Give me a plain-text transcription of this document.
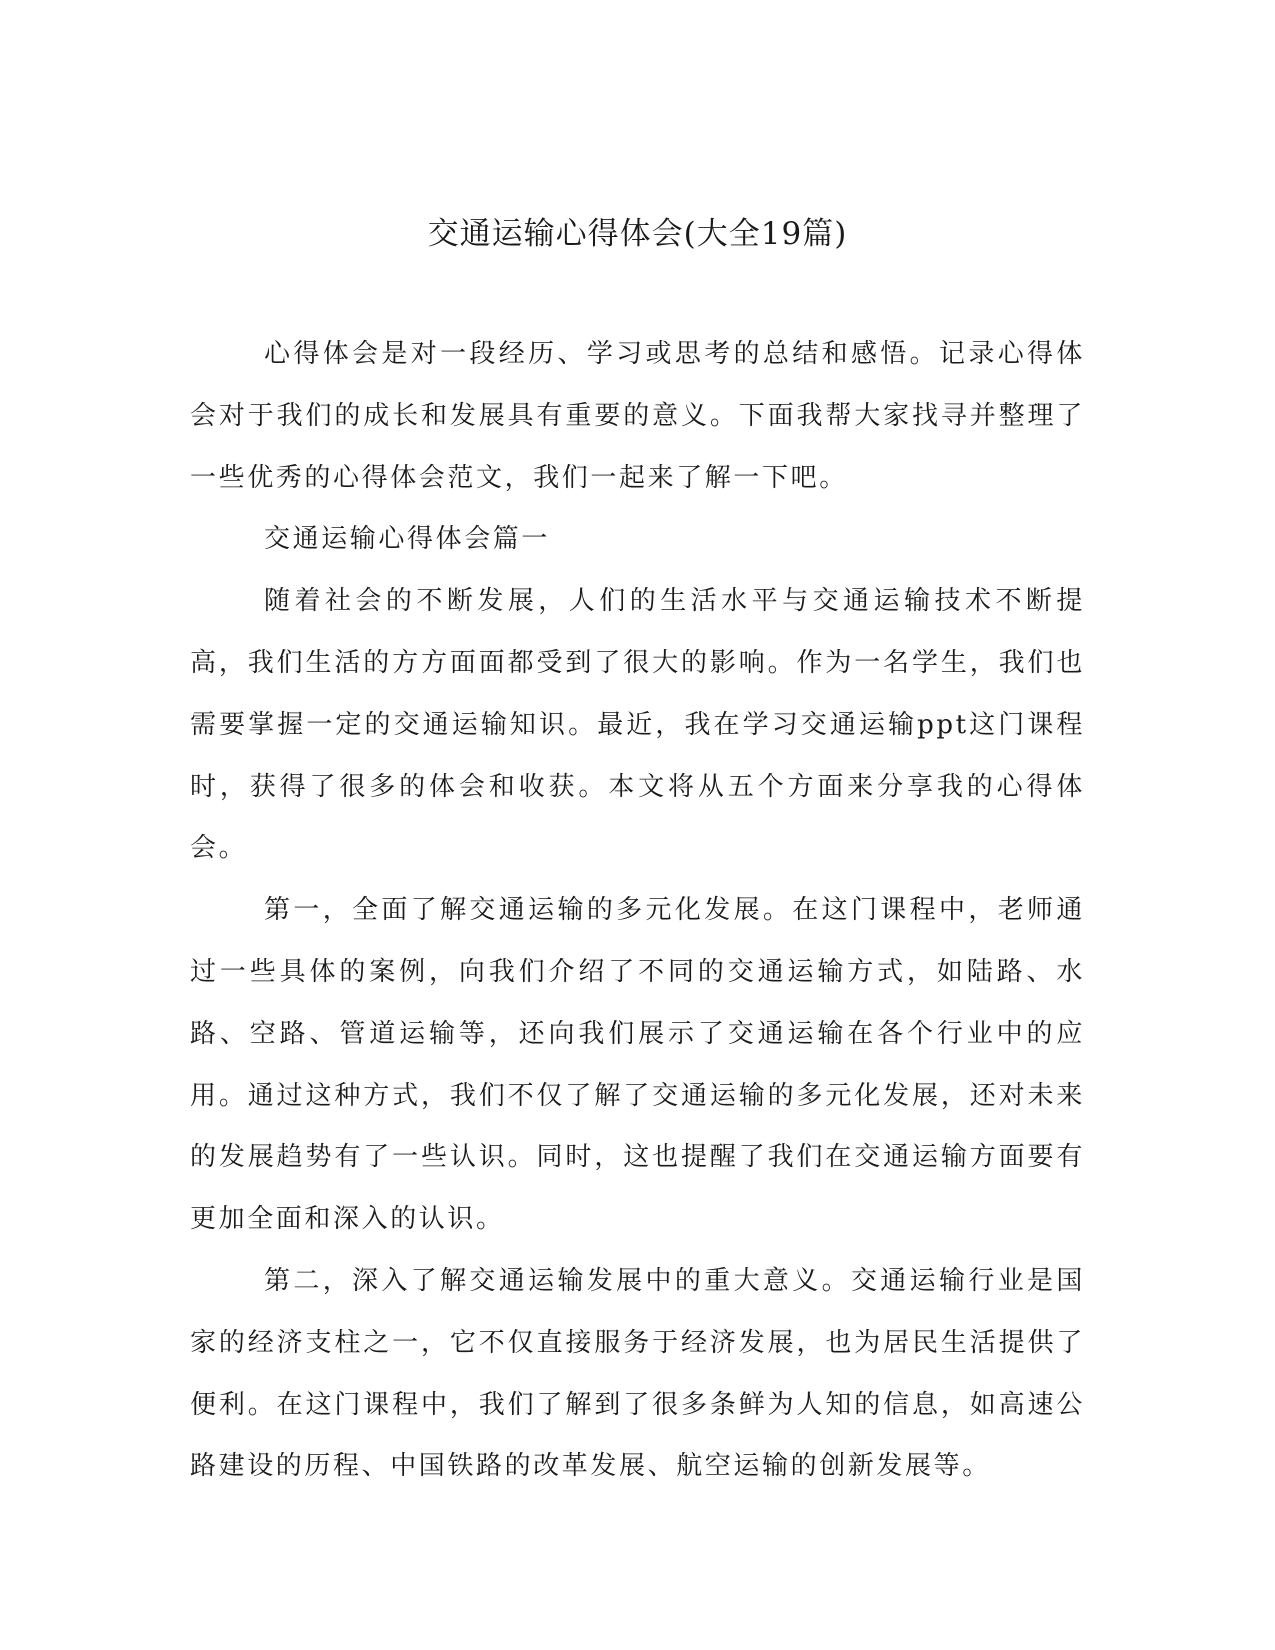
交通运输心得体会(大全19篇)

心得体会是对一段经历、学习或思考的总结和感悟。记录心得体会对于我们的成长和发展具有重要的意义。下面我帮大家找寻并整理了一些优秀的心得体会范文，我们一起来了解一下吧。

交通运输心得体会篇一

随着社会的不断发展，人们的生活水平与交通运输技术不断提高，我们生活的方方面面都受到了很大的影响。作为一名学生，我们也需要掌握一定的交通运输知识。最近，我在学习交通运输ppt这门课程时，获得了很多的体会和收获。本文将从五个方面来分享我的心得体会。

第一，全面了解交通运输的多元化发展。在这门课程中，老师通过一些具体的案例，向我们介绍了不同的交通运输方式，如陆路、水路、空路、管道运输等，还向我们展示了交通运输在各个行业中的应用。通过这种方式，我们不仅了解了交通运输的多元化发展，还对未来的发展趋势有了一些认识。同时，这也提醒了我们在交通运输方面要有更加全面和深入的认识。

第二，深入了解交通运输发展中的重大意义。交通运输行业是国家的经济支柱之一，它不仅直接服务于经济发展，也为居民生活提供了便利。在这门课程中，我们了解到了很多条鲜为人知的信息，如高速公路建设的历程、中国铁路的改革发展、航空运输的创新发展等。
